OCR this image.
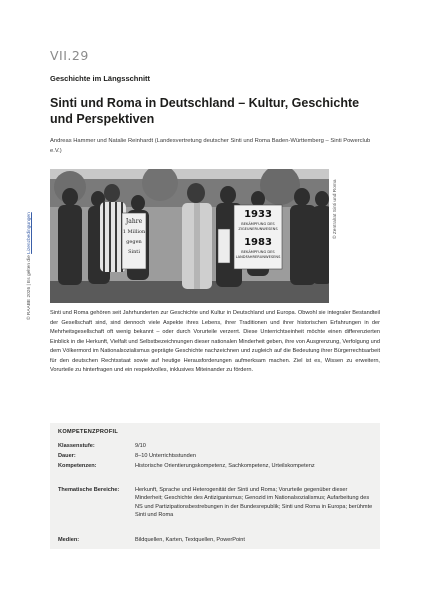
VII.29
Geschichte im Längsschnitt
Sinti und Roma in Deutschland – Kultur, Geschichte und Perspektiven
Andreas Hammer und Natalie Reinhardt (Landesvertretung deutscher Sinti und Roma Baden-Württemberg – Sinti Powerclub e.V.)
Jahre
1 Million
gegen
Sinti
1933
BEKÄMPFUNG DES
ZIGEUNERUNWESENS
1983
BEKÄMPFUNG DES
LANDFAHRERUNWESENS
© Zentralrat Sinti und Roma
© RAABE 2026 | Es gelten die Lizenzbedingungen
Sinti und Roma gehören seit Jahrhunderten zur Geschichte und Kultur in Deutschland und Europa. Obwohl sie integraler Bestandteil der Gesellschaft sind, sind dennoch viele Aspekte ihres Lebens, ihrer Traditionen und ihrer historischen Erfahrungen in der Mehrheitsgesellschaft oft wenig bekannt – oder durch Vorurteile verzerrt. Diese Unterrichtseinheit möchte einen differenzierten Einblick in die Herkunft, Vielfalt und Selbstbezeichnungen dieser nationalen Minderheit geben, ihre von Ausgrenzung, Verfolgung und dem Völkermord im Nationalsozialismus geprägte Geschichte nachzeichnen und zugleich auf die Bedeutung ihrer Bürgerrechtsarbeit für den deutschen Rechtsstaat sowie auf heutige Herausforderungen aufmerksam machen. Ziel ist es, Wissen zu erweitern, Vorurteile zu hinterfragen und ein respektvolles, inklusives Miteinander zu fördern.
KOMPETENZPROFIL
Klassenstufe:	9/10
Dauer:	8–10 Unterrichtsstunden
Kompetenzen:	Historische Orientierungskompetenz, Sachkompetenz, Urteilskompetenz
Thematische Bereiche:	Herkunft, Sprache und Heterogenität der Sinti und Roma; Vorurteile gegenüber dieser Minderheit; Geschichte des Antiziganismus; Genozid im Nationalsozialismus; Aufarbeitung des NS und Partizipationsbestrebungen in der Bundesrepublik; Sinti und Roma in Europa; berühmte Sinti und Roma
Medien:	Bildquellen, Karten, Textquellen, PowerPoint
